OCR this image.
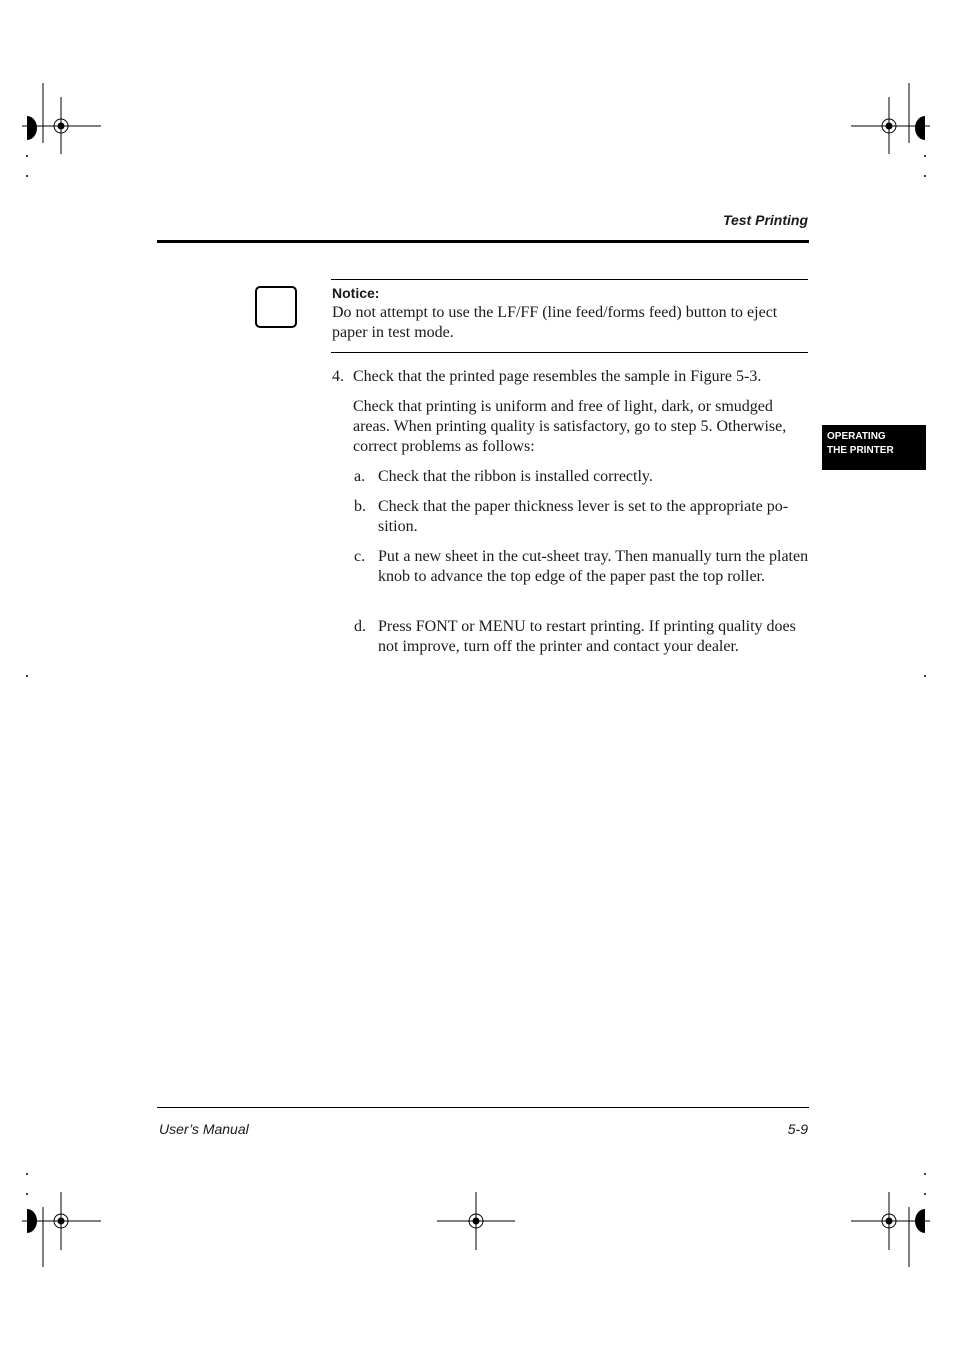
Test Printing

Notice:

Do not attempt to use the LF/FF (line feed/forms feed) button to eject paper in test mode.

4. Check that the printed page resembles the sample in Figure 5-3.
Check that printing is uniform and free of light, dark, or smudged areas. When printing quality is satisfactory, go to step 5. Otherwise, correct problems as follows:
a. Check that the ribbon is installed correctly.
b. Check that the paper thickness lever is set to the appropriate po-sition.
c. Put a new sheet in the cut-sheet tray. Then manually turn the platen knob to advance the top edge of the paper past the top roller.
d. Press FONT or MENU to restart printing. If printing quality does not improve, turn off the printer and contact your dealer.
OPERATING
THE PRINTER
User’s Manual	5-9
